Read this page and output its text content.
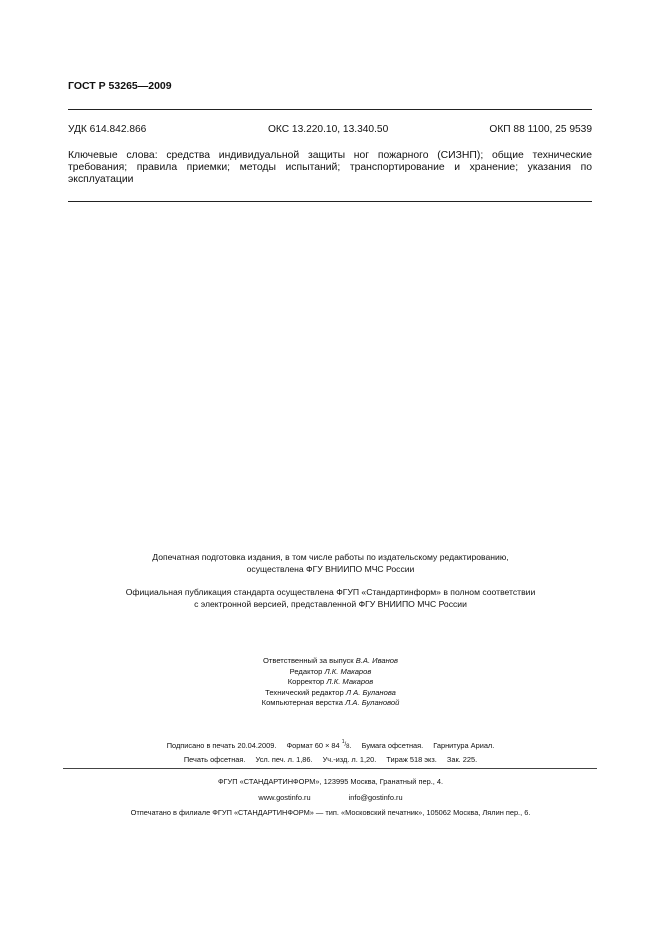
ГОСТ Р 53265—2009
УДК 614.842.866	ОКС 13.220.10, 13.340.50	ОКП 88 1100, 25 9539
Ключевые слова: средства индивидуальной защиты ног пожарного (СИЗНП); общие технические требования; правила приемки; методы испытаний; транспортирование и хранение; указания по эксплуатации
Допечатная подготовка издания, в том числе работы по издательскому редактированию,
осуществлена ФГУ ВНИИПО МЧС России
Официальная публикация стандарта осуществлена ФГУП «Стандартинформ» в полном соответствии
с электронной версией, представленной ФГУ ВНИИПО МЧС России
Ответственный за выпуск В.А. Иванов
Редактор Л.К. Макаров
Корректор Л.К. Макаров
Технический редактор Л А. Буланова
Компьютерная верстка Л.А. Булановой
Подписано в печать 20.04.2009. Формат 60 × 84 $^1/_8$. Бумага офсетная. Гарнитура Ариал.
Печать офсетная. Усл. печ. л. 1,86. Уч.-изд. л. 1,20. Тираж 518 экз. Зак. 225.
ФГУП «СТАНДАРТИНФОРМ», 123995 Москва, Гранатный пер., 4.
www.gostinfo.ru	info@gostinfo.ru
Отпечатано в филиале ФГУП «СТАНДАРТИНФОРМ» — тип. «Московский печатник», 105062 Москва, Лялин пер., 6.
